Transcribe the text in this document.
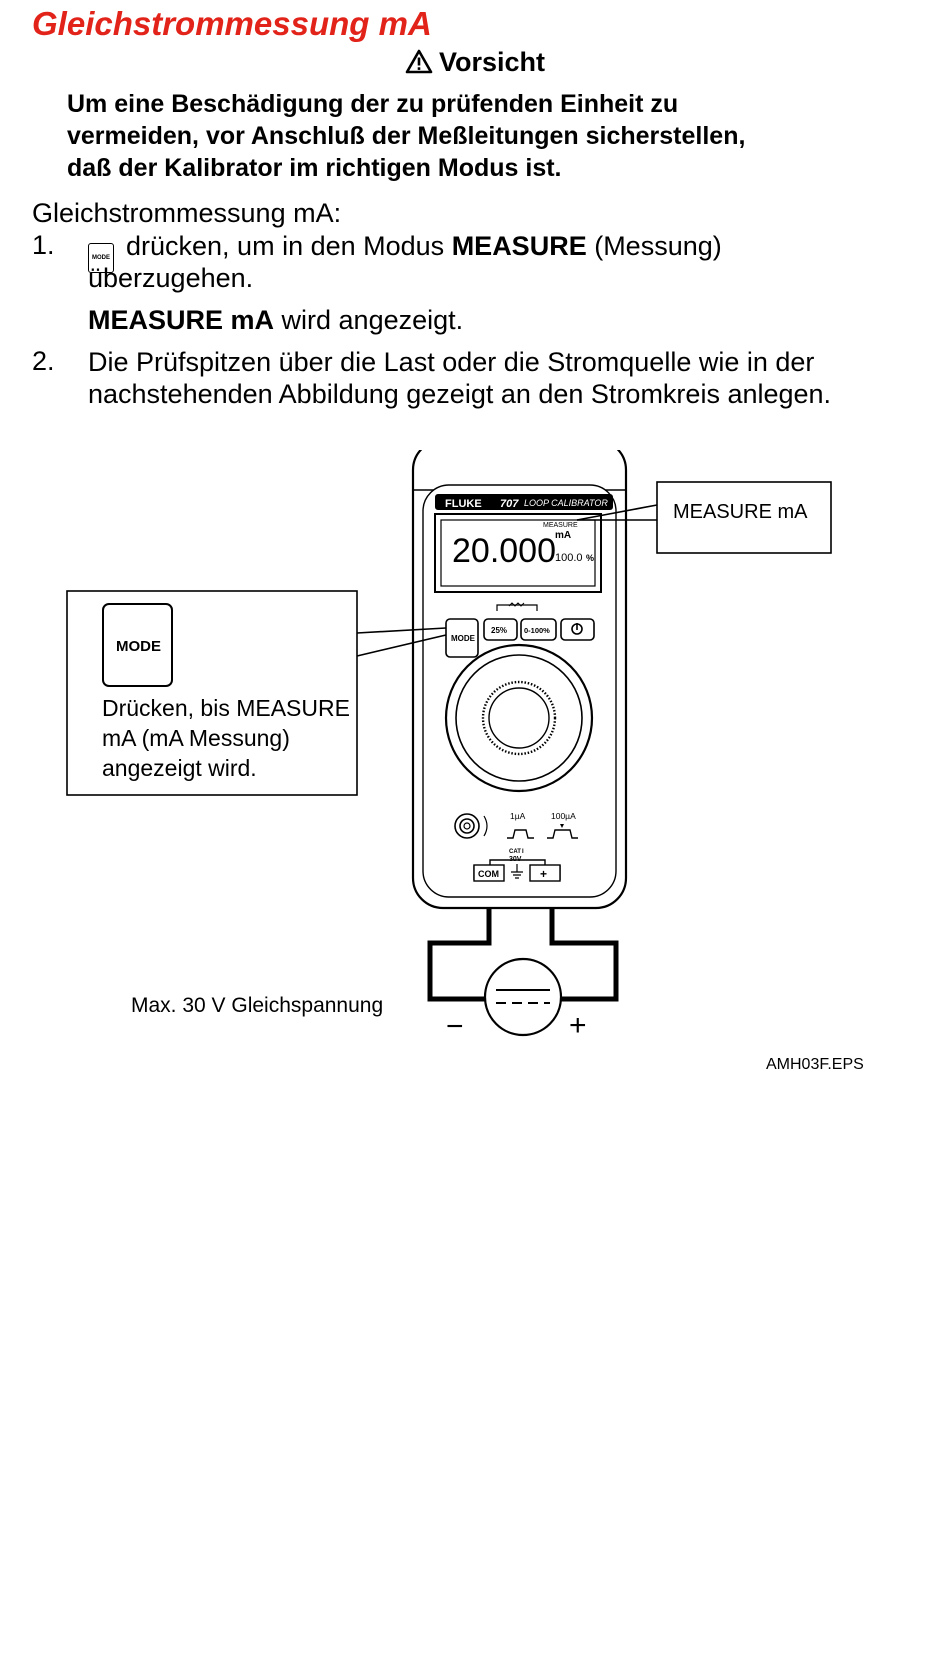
Gleichstrommessung mA
Vorsicht
Um eine Beschädigung der zu prüfenden Einheit zu
vermeiden, vor Anschluß der Meßleitungen sicherstellen,
daß der Kalibrator im richtigen Modus ist.
Gleichstrommessung mA:
1.	MODE drücken, um in den Modus MEASURE (Messung)
überzugehen.
MEASURE mA wird angezeigt.
2. Die Prüfspitzen über die Last oder die Stromquelle wie in der
nachstehenden Abbildung gezeigt an den Stromkreis anlegen.
FLUKE 707 LOOP CALIBRATOR
MEASURE
20.000 mA
100.0 %
MODE
25% 0-100%
1µA	100µA
CAT I
30V
COM	+
MEASURE mA
MODE
−	+
Drücken, bis MEASURE
mA (mA Messung)
angezeigt wird.
Max. 30 V Gleichspannung
AMH03F.EPS
